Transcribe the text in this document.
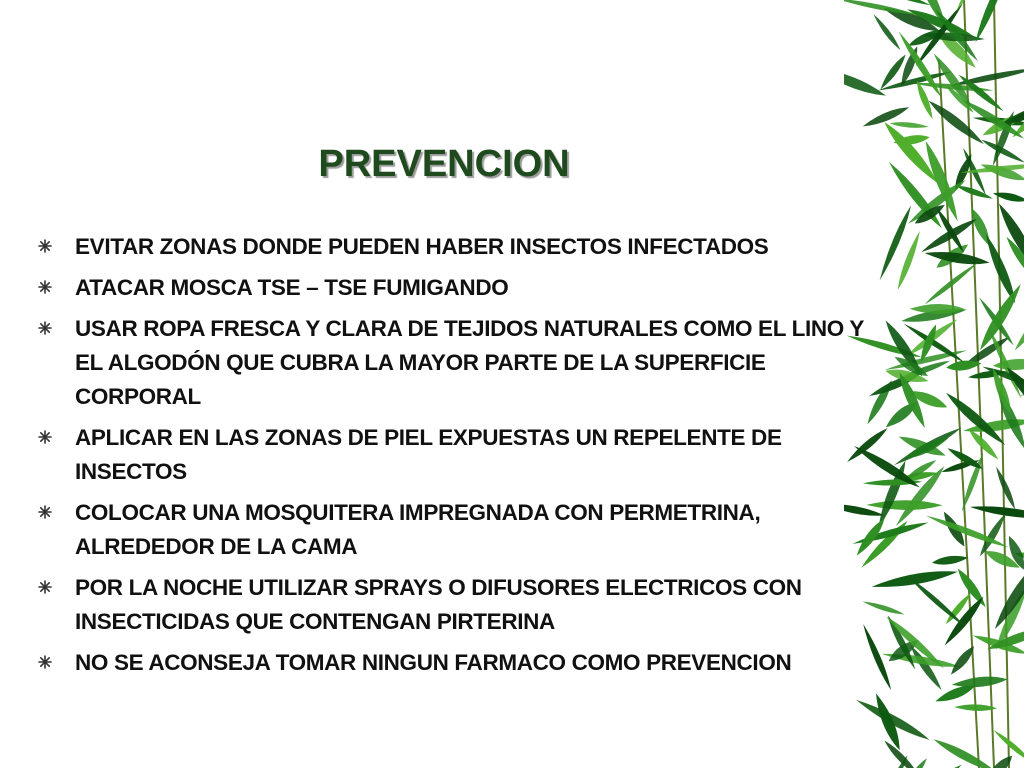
PREVENCION
EVITAR ZONAS DONDE PUEDEN HABER INSECTOS INFECTADOS
ATACAR MOSCA TSE – TSE FUMIGANDO
USAR ROPA FRESCA Y CLARA DE TEJIDOS NATURALES COMO EL LINO Y EL ALGODÓN QUE CUBRA LA MAYOR PARTE DE LA SUPERFICIE CORPORAL
APLICAR EN LAS ZONAS DE PIEL EXPUESTAS UN REPELENTE DE INSECTOS
COLOCAR UNA MOSQUITERA IMPREGNADA CON PERMETRINA, ALREDEDOR DE LA CAMA
POR LA NOCHE UTILIZAR SPRAYS O DIFUSORES ELECTRICOS CON INSECTICIDAS QUE CONTENGAN PIRTERINA
NO SE ACONSEJA TOMAR NINGUN FARMACO COMO PREVENCION
